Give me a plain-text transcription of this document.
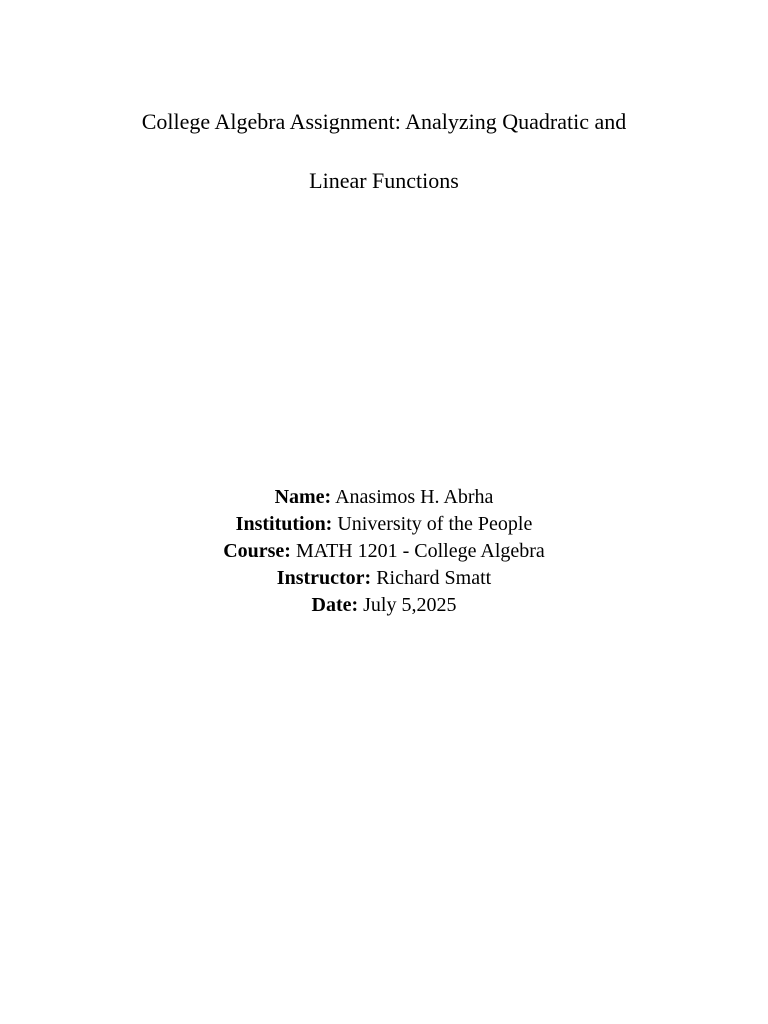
College Algebra Assignment: Analyzing Quadratic and
Linear Functions
Name: Anasimos H. Abrha
Institution: University of the People
Course: MATH 1201 - College Algebra
Instructor: Richard Smatt
Date: July 5,2025
